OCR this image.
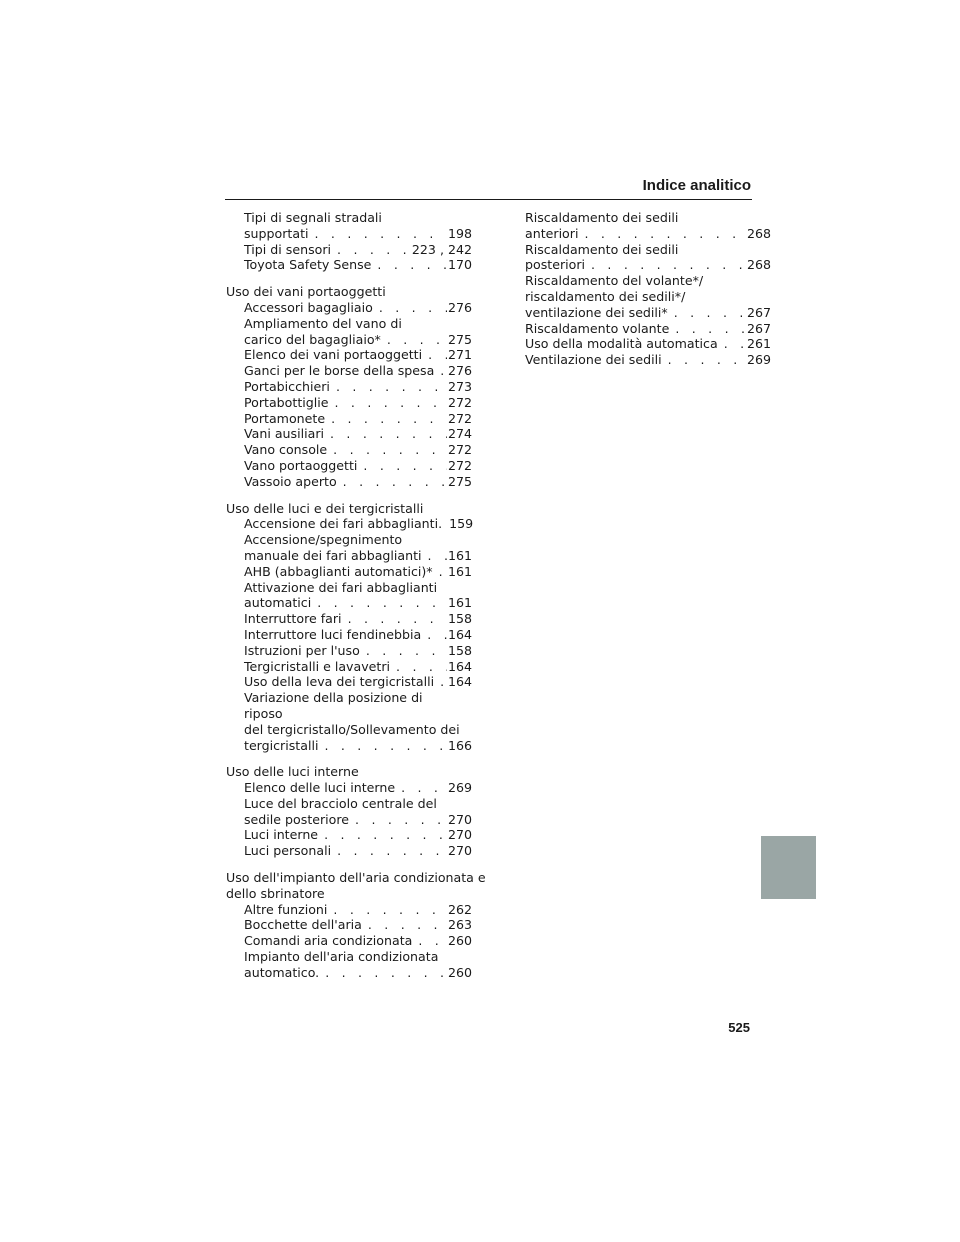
Indice analitico
Tipi di segnali stradali
supportati . . .	198
Tipi di sensori . . .	223 , 242
Toyota Safety Sense . . .	170
Uso dei vani portaoggetti
Accessori bagagliaio . . .	276
Ampliamento del vano di
carico del bagagliaio* . . .	275
Elenco dei vani portaoggetti . . . 271
Ganci per le borse della spesa . . . 276
Portabicchieri . . .	273
Portabottiglie . . .	272
Portamonete . . .	272
Vani ausiliari . . .	274
Vano console . . .	272
Vano portaoggetti . . .	272
Vassoio aperto . . .	275
Uso delle luci e dei tergicristalli
Accensione dei fari abbaglianti. . . . 159
Accensione/spegnimento
manuale dei fari abbaglianti . . . 161
AHB (abbaglianti automatici)* . . . 161
Attivazione dei fari abbaglianti
automatici . . .	161
Interruttore fari . . .	158
Interruttore luci fendinebbia . . . 164
Istruzioni per l'uso . . .	158
Tergicristalli e lavavetri . . .	164
Uso della leva dei tergicristalli . . . 164
Variazione della posizione di
riposo
del tergicristallo/Sollevamento dei
tergicristalli . . .	166
Uso delle luci interne
Elenco delle luci interne . . .	269
Luce del bracciolo centrale del
sedile posteriore . . .	270
Luci interne . . .	270
Luci personali . . .	270
Uso dell'impianto dell'aria condizionata e
dello sbrinatore
Altre funzioni . . .	262
Bocchette dell'aria . . .	263
Comandi aria condizionata . . .	260
Impianto dell'aria condizionata
automatico. . . .	260
Riscaldamento dei sedili
anteriori . . .	268
Riscaldamento dei sedili
posteriori . . .	268
Riscaldamento del volante*/
riscaldamento dei sedili*/
ventilazione dei sedili* . . .	267
Riscaldamento volante . . .	267
Uso della modalità automatica . . . 261
Ventilazione dei sedili . . .	269
525
